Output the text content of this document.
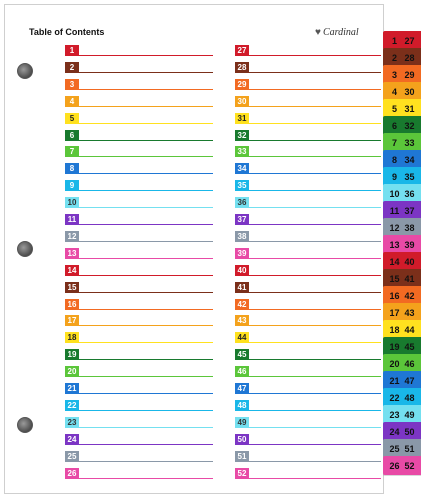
Table of Contents	♥ Cardinal
1
2
3
4
5
6
7
8
9
10
11
12
13
14
15
16
17
18
19
20
21
22
23
24
25
26
27
28
29
30
31
32
33
34
35
36
37
38
39
40
41
42
43
44
45
46
47
48
49
50
51
52
1 27
2 28
3 29
4 30
5 31
6 32
7 33
8 34
9 35
10 36
11 37
12 38
13 39
14 40
15 41
16 42
17 43
18 44
19 45
20 46
21 47
22 48
23 49
24 50
25 51
26 52
